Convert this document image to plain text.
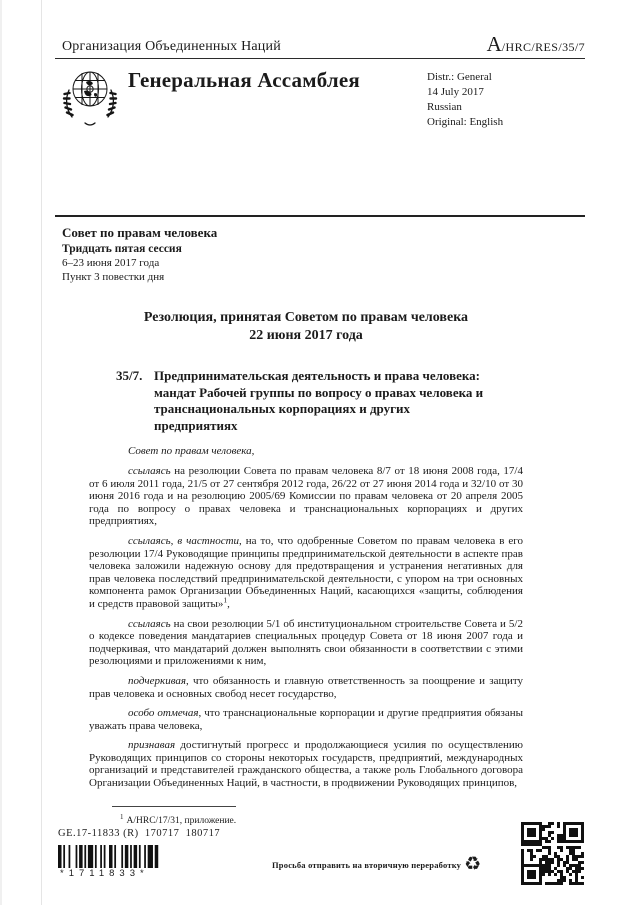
Организация Объединенных Наций	A/HRC/RES/35/7
Генеральная Ассамблея	Distr.: General
14 July 2017
Russian
Original: English
Совет по правам человека
Тридцать пятая сессия
6–23 июня 2017 года
Пункт 3 повестки дня
Резолюция, принятая Советом по правам человека
22 июня 2017 года
35/7. Предпринимательская деятельность и права человека: мандат Рабочей группы по вопросу о правах человека и транснациональных корпорациях и других предприятиях
Совет по правам человека,

ссылаясь на резолюции Совета по правам человека 8/7 от 18 июня 2008 года, 17/4 от 6 июля 2011 года, 21/5 от 27 сентября 2012 года, 26/22 от 27 июня 2014 года и 32/10 от 30 июня 2016 года и на резолюцию 2005/69 Комиссии по правам человека от 20 апреля 2005 года по вопросу о правах человека и транснациональных корпорациях и других предприятиях,

ссылаясь, в частности, на то, что одобренные Советом по правам человека в его резолюции 17/4 Руководящие принципы предпринимательской деятельности в аспекте прав человека заложили надежную основу для предотвращения и устранения негативных для прав человека последствий предпринимательской деятельности, с упором на три основных компонента рамок Организации Объединенных Наций, касающихся «защиты, соблюдения и средств правовой защиты»$^1$,

ссылаясь на свои резолюции 5/1 об институциональном строительстве Совета и 5/2 о кодексе поведения мандатариев специальных процедур Совета от 18 июня 2007 года и подчеркивая, что мандатарий должен выполнять свои обязанности в соответствии с этими резолюциями и приложениями к ним,

подчеркивая, что обязанность и главную ответственность за поощрение и защиту прав человека и основных свобод несет государство,

особо отмечая, что транснациональные корпорации и другие предприятия обязаны уважать права человека,

признавая достигнутый прогресс и продолжающиеся усилия по осуществлению Руководящих принципов со стороны некоторых государств, предприятий, международных организаций и представителей гражданского общества, а также роль Глобального договора Организации Объединенных Наций, в частности, в продвижении Руководящих принципов,

$^1$ A/HRC/17/31, приложение.
GE.17-11833 (R)  170717  180717
*1711833*
Просьба отправить на вторичную переработку ♻
